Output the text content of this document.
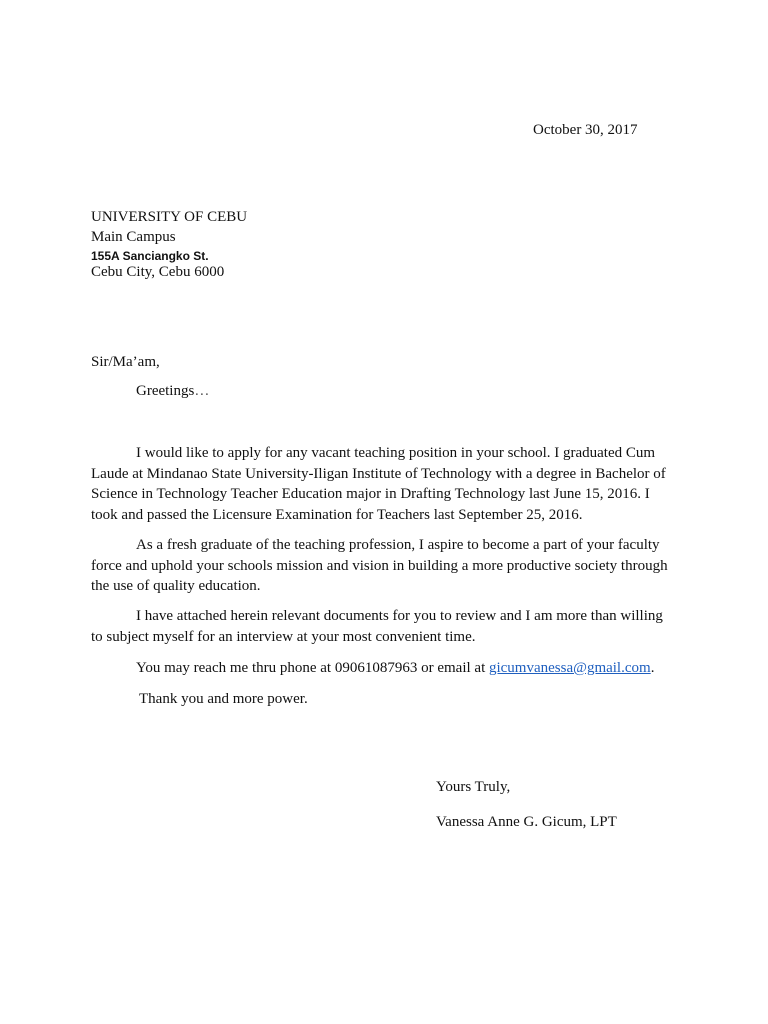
October 30, 2017
UNIVERSITY OF CEBU
Main Campus
155A Sanciangko St.
Cebu City, Cebu 6000
Sir/Ma’am,
Greetings…

I would like to apply for any vacant teaching position in your school. I graduated Cum Laude at Mindanao State University-Iligan Institute of Technology with a degree in Bachelor of Science in Technology Teacher Education major in Drafting Technology last June 15, 2016. I took and passed the Licensure Examination for Teachers last September 25, 2016.

As a fresh graduate of the teaching profession, I aspire to become a part of your faculty force and uphold your schools mission and vision in building a more productive society through the use of quality education.

I have attached herein relevant documents for you to review and I am more than willing to subject myself for an interview at your most convenient time.

You may reach me thru phone at 09061087963 or email at gicumvanessa@gmail.com.

Thank you and more power.

Yours Truly,
Vanessa Anne G. Gicum, LPT
